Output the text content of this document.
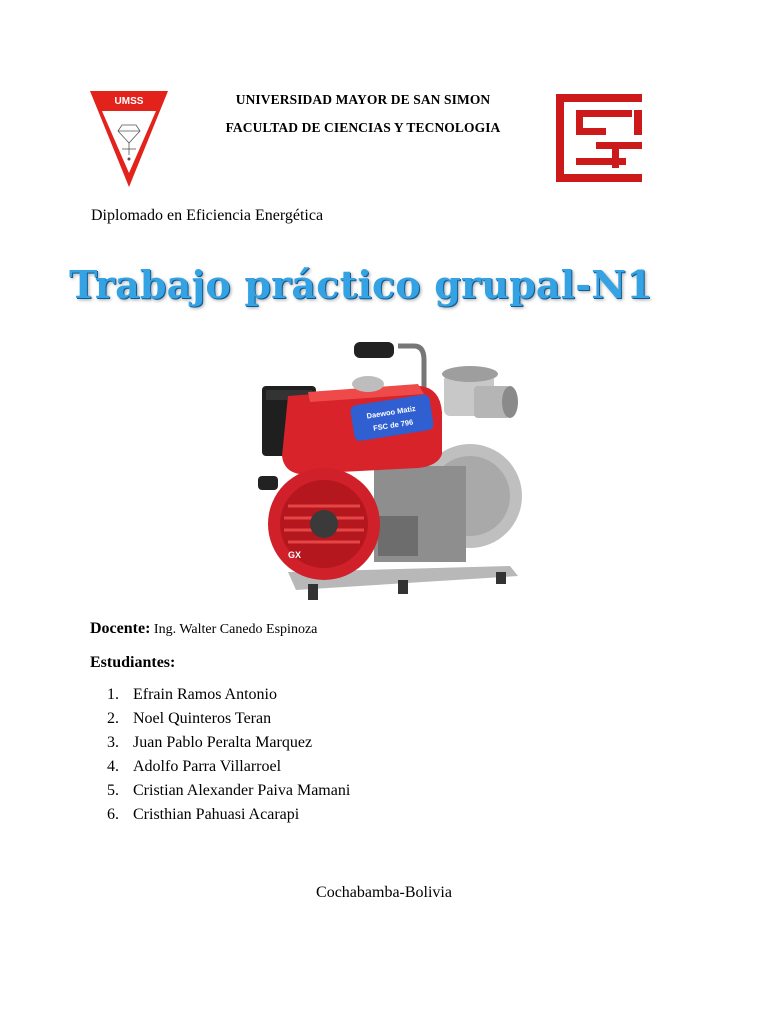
UMSS	UNIVERSIDAD MAYOR DE SAN SIMON
FACULTAD DE CIENCIAS Y TECNOLOGIA
Diplomado en Eficiencia Energética
Trabajo práctico grupal-N1
Daewoo Matiz
FSC de 796
GX
Docente: Ing. Walter Canedo Espinoza
Estudiantes:
1. Efrain Ramos Antonio
2. Noel Quinteros Teran
3. Juan Pablo Peralta Marquez
4. Adolfo Parra Villarroel
5. Cristian Alexander Paiva Mamani
6. Cristhian Pahuasi Acarapi
Cochabamba-Bolivia
